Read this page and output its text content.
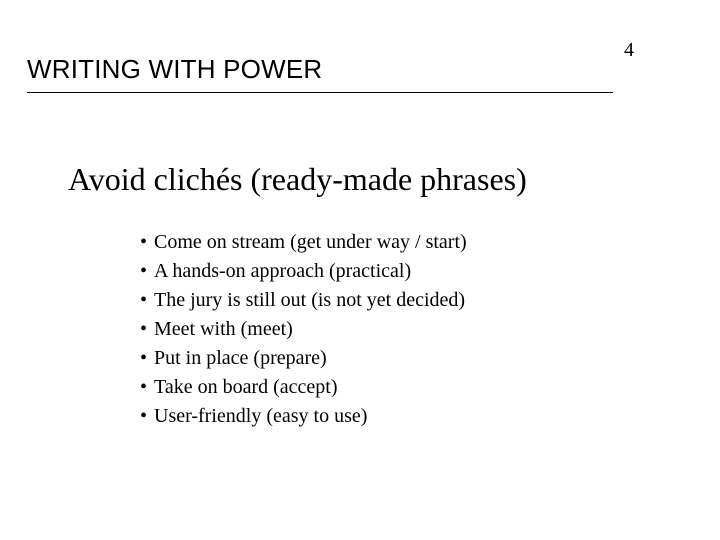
4
WRITING WITH POWER
Avoid clichés (ready-made phrases)
• Come on stream (get under way / start)
• A hands-on approach (practical)
• The jury is still out (is not yet decided)
• Meet with (meet)
• Put in place (prepare)
• Take on board (accept)
• User-friendly (easy to use)
